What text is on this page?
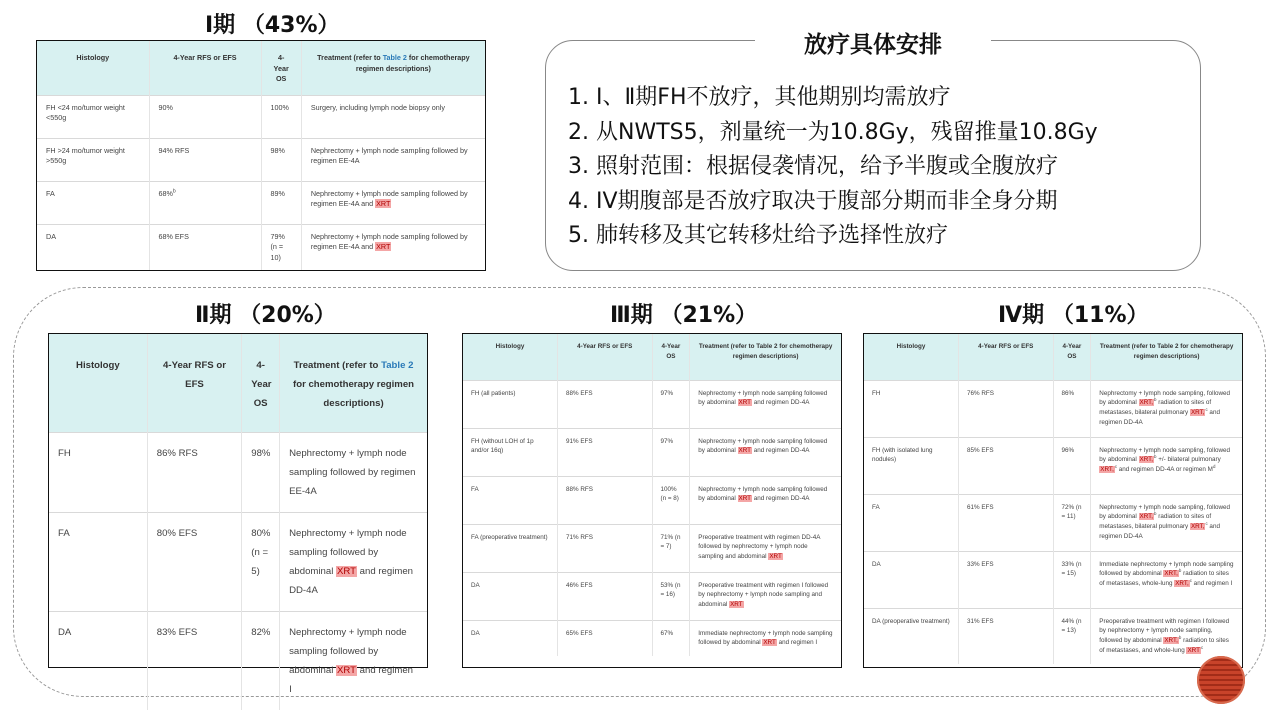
Ⅰ期 （43%）
Histology	4-Year RFS or EFS	4-Year OS	Treatment (refer to Table 2 for chemotherapy regimen descriptions)
FH <24 mo/tumor weight <550g	90%	100%	Surgery, including lymph node biopsy only
FH >24 mo/tumor weight >550g	94% RFS	98%	Nephrectomy + lymph node sampling followed by regimen EE-4A
FA	68%$^b$	89%	Nephrectomy + lymph node sampling followed by regimen EE-4A and XRT
DA	68% EFS	79% (n = 10)	Nephrectomy + lymph node sampling followed by regimen EE-4A and XRT
1. Ⅰ、Ⅱ期FH不放疗，其他期别均需放疗
2. 从NWTS5，剂量统一为10.8Gy，残留推量10.8Gy
3. 照射范围：根据侵袭情况，给予半腹或全腹放疗
4. IV期腹部是否放疗取决于腹部分期而非全身分期
5. 肺转移及其它转移灶给予选择性放疗
放疗具体安排
Ⅱ期 （20%）
Histology	4-Year RFS or EFS	4-Year OS	Treatment (refer to Table 2 for chemotherapy regimen descriptions)
FH	86% RFS	98%	Nephrectomy + lymph node sampling followed by regimen EE-4A
FA	80% EFS	80% (n = 5)	Nephrectomy + lymph node sampling followed by abdominal XRT and regimen DD-4A
DA	83% EFS	82%	Nephrectomy + lymph node sampling followed by abdominal XRT and regimen I
Ⅲ期 （21%）
Histology	4-Year RFS or EFS	4-Year OS	Treatment (refer to Table 2 for chemotherapy regimen descriptions)
FH (all patients)	88% EFS	97%	Nephrectomy + lymph node sampling followed by abdominal XRT and regimen DD-4A
FH (without LOH of 1p and/or 16q)	91% EFS	97%	Nephrectomy + lymph node sampling followed by abdominal XRT and regimen DD-4A
FA	88% RFS	100% (n = 8)	Nephrectomy + lymph node sampling followed by abdominal XRT and regimen DD-4A
FA (preoperative treatment)	71% RFS	71% (n = 7)	Preoperative treatment with regimen DD-4A followed by nephrectomy + lymph node sampling and abdominal XRT
DA	46% EFS	53% (n = 16)	Preoperative treatment with regimen I followed by nephrectomy + lymph node sampling and abdominal XRT
DA	65% EFS	67%	Immediate nephrectomy + lymph node sampling followed by abdominal XRT and regimen I
Ⅳ期 （11%）
Histology	4-Year RFS or EFS	4-Year OS	Treatment (refer to Table 2 for chemotherapy regimen descriptions)
FH	76% RFS	86%	Nephrectomy + lymph node sampling, followed by abdominal XRT,$^b$ radiation to sites of metastases, bilateral pulmonary XRT,$^c$ and regimen DD-4A
FH (with isolated lung nodules)	85% EFS	96%	Nephrectomy + lymph node sampling, followed by abdominal XRT,$^b$ +/- bilateral pulmonary XRT,$^c$ and regimen DD-4A or regimen $M^d$
FA	61% EFS	72% (n = 11)	Nephrectomy + lymph node sampling, followed by abdominal XRT,$^b$ radiation to sites of metastases, bilateral pulmonary XRT,$^c$ and regimen DD-4A
DA	33% EFS	33% (n = 15)	Immediate nephrectomy + lymph node sampling followed by abdominal XRT,$^b$ radiation to sites of metastases, whole-lung XRT,$^c$ and regimen I
DA (preoperative treatment)	31% EFS	44% (n = 13)	Preoperative treatment with regimen I followed by nephrectomy + lymph node sampling, followed by abdominal XRT,$^b$ radiation to sites of metastases, and whole-lung XRT$^c$
